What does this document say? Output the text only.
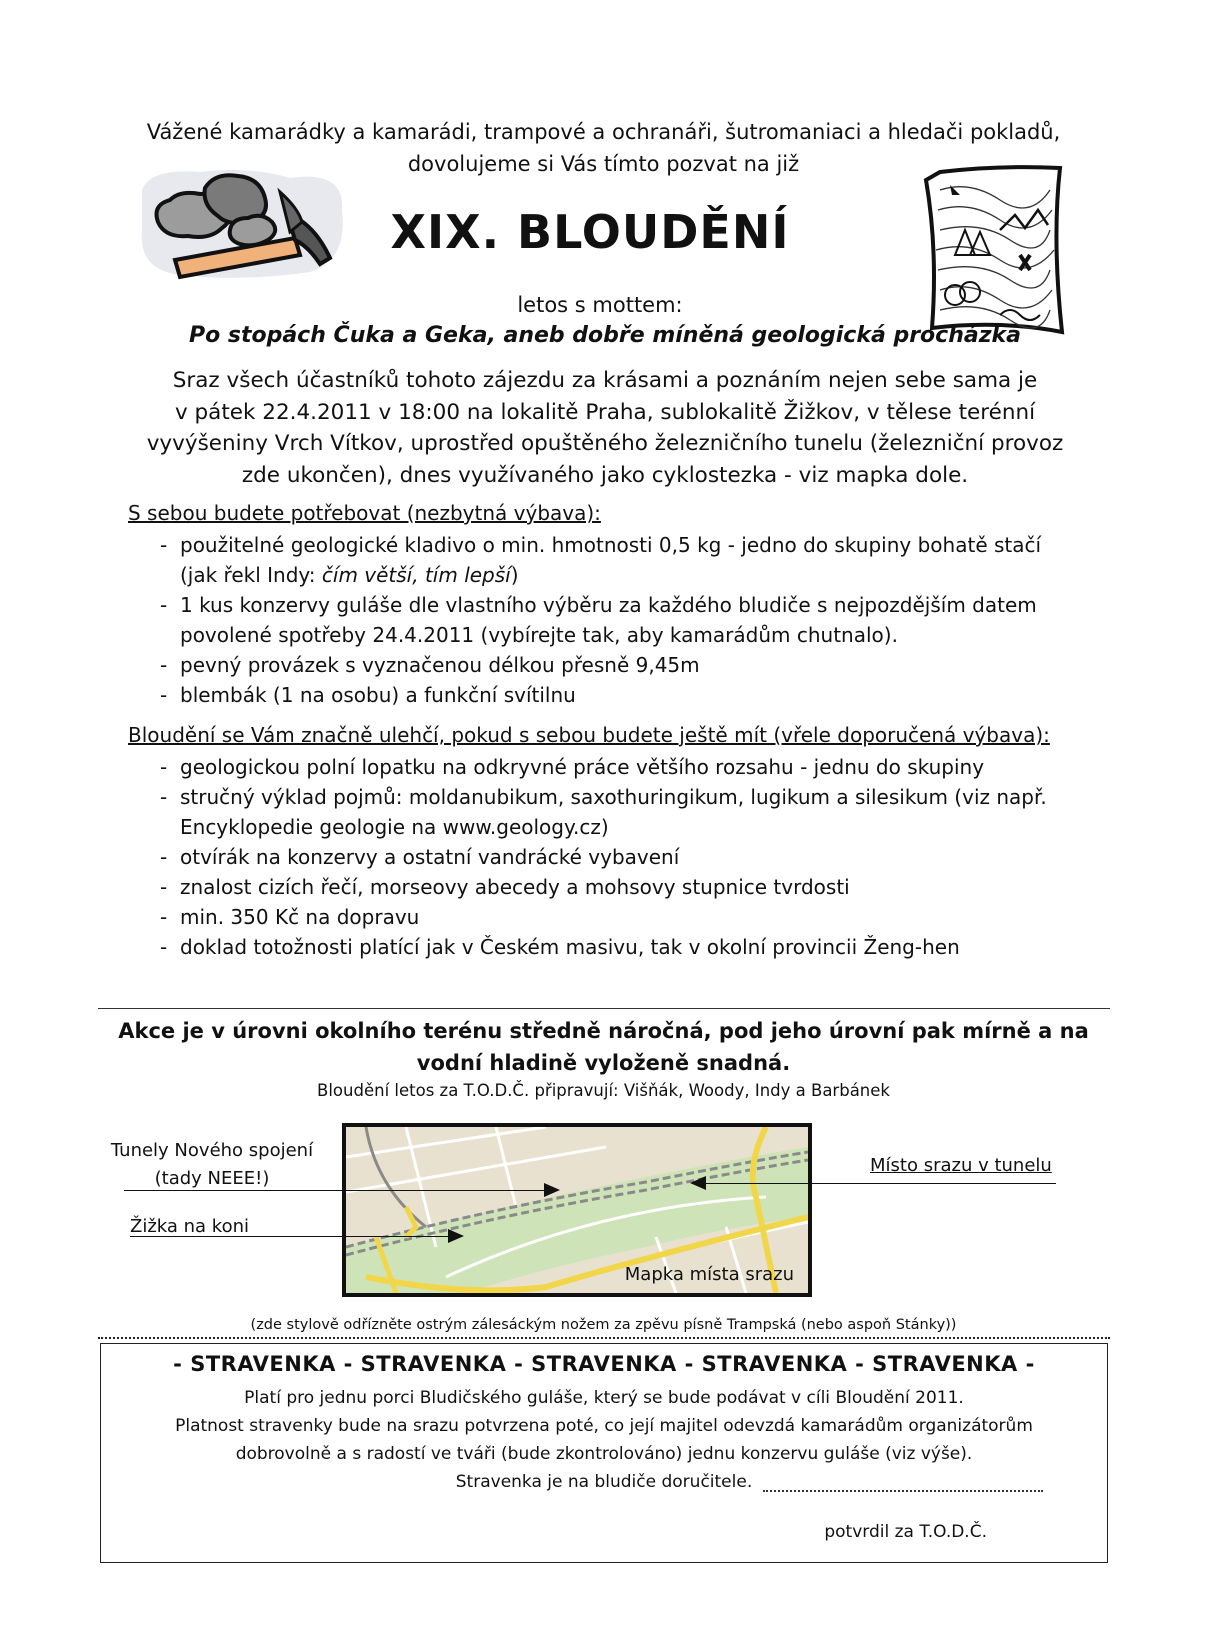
Vážené kamarádky a kamarádi, trampové a ochranáři, šutromaniaci a hledači pokladů,
dovolujeme si Vás tímto pozvat na již
XIX. BLOUDĚNÍ
letos s mottem:
Po stopách Čuka a Geka, aneb dobře míněná geologická procházka
Sraz všech účastníků tohoto zájezdu za krásami a poznáním nejen sebe sama je
v pátek 22.4.2011 v 18:00 na lokalitě Praha, sublokalitě Žižkov, v tělese terénní
vyvýšeniny Vrch Vítkov, uprostřed opuštěného železničního tunelu (železniční provoz
zde ukončen), dnes využívaného jako cyklostezka - viz mapka dole.
S sebou budete potřebovat (nezbytná výbava):
- použitelné geologické kladivo o min. hmotnosti 0,5 kg - jedno do skupiny bohatě stačí
(jak řekl Indy: čím větší, tím lepší)
- 1 kus konzervy guláše dle vlastního výběru za každého bludiče s nejpozdějším datem
povolené spotřeby 24.4.2011 (vybírejte tak, aby kamarádům chutnalo).
- pevný provázek s vyznačenou délkou přesně 9,45m
- blembák (1 na osobu) a funkční svítilnu
Bloudění se Vám značně ulehčí, pokud s sebou budete ještě mít (vřele doporučená výbava):
- geologickou polní lopatku na odkryvné práce většího rozsahu - jednu do skupiny
- stručný výklad pojmů: moldanubikum, saxothuringikum, lugikum a silesikum (viz např.
Encyklopedie geologie na www.geology.cz)
- otvírák na konzervy a ostatní vandrácké vybavení
- znalost cizích řečí, morseovy abecedy a mohsovy stupnice tvrdosti
- min. 350 Kč na dopravu
- doklad totožnosti platící jak v Českém masivu, tak v okolní provincii Ženg-hen
Akce je v úrovni okolního terénu středně náročná, pod jeho úrovní pak mírně a na
vodní hladině vyloženě snadná.
Bloudění letos za T.O.D.Č. připravují: Višňák, Woody, Indy a Barbánek
Mapka místa srazu
Tunely Nového spojení
(tady NEEE!)
Žižka na koni
Místo srazu v tunelu
(zde stylově odřízněte ostrým zálesáckým nožem za zpěvu písně Trampská (nebo aspoň Stánky))
- STRAVENKA - STRAVENKA - STRAVENKA - STRAVENKA - STRAVENKA -
Platí pro jednu porci Bludičského guláše, který se bude podávat v cíli Bloudění 2011.
Platnost stravenky bude na srazu potvrzena poté, co její majitel odevzdá kamarádům organizátorům
dobrovolně a s radostí ve tváři (bude zkontrolováno) jednu konzervu guláše (viz výše).
Stravenka je na bludiče doručitele.
potvrdil za T.O.D.Č.
